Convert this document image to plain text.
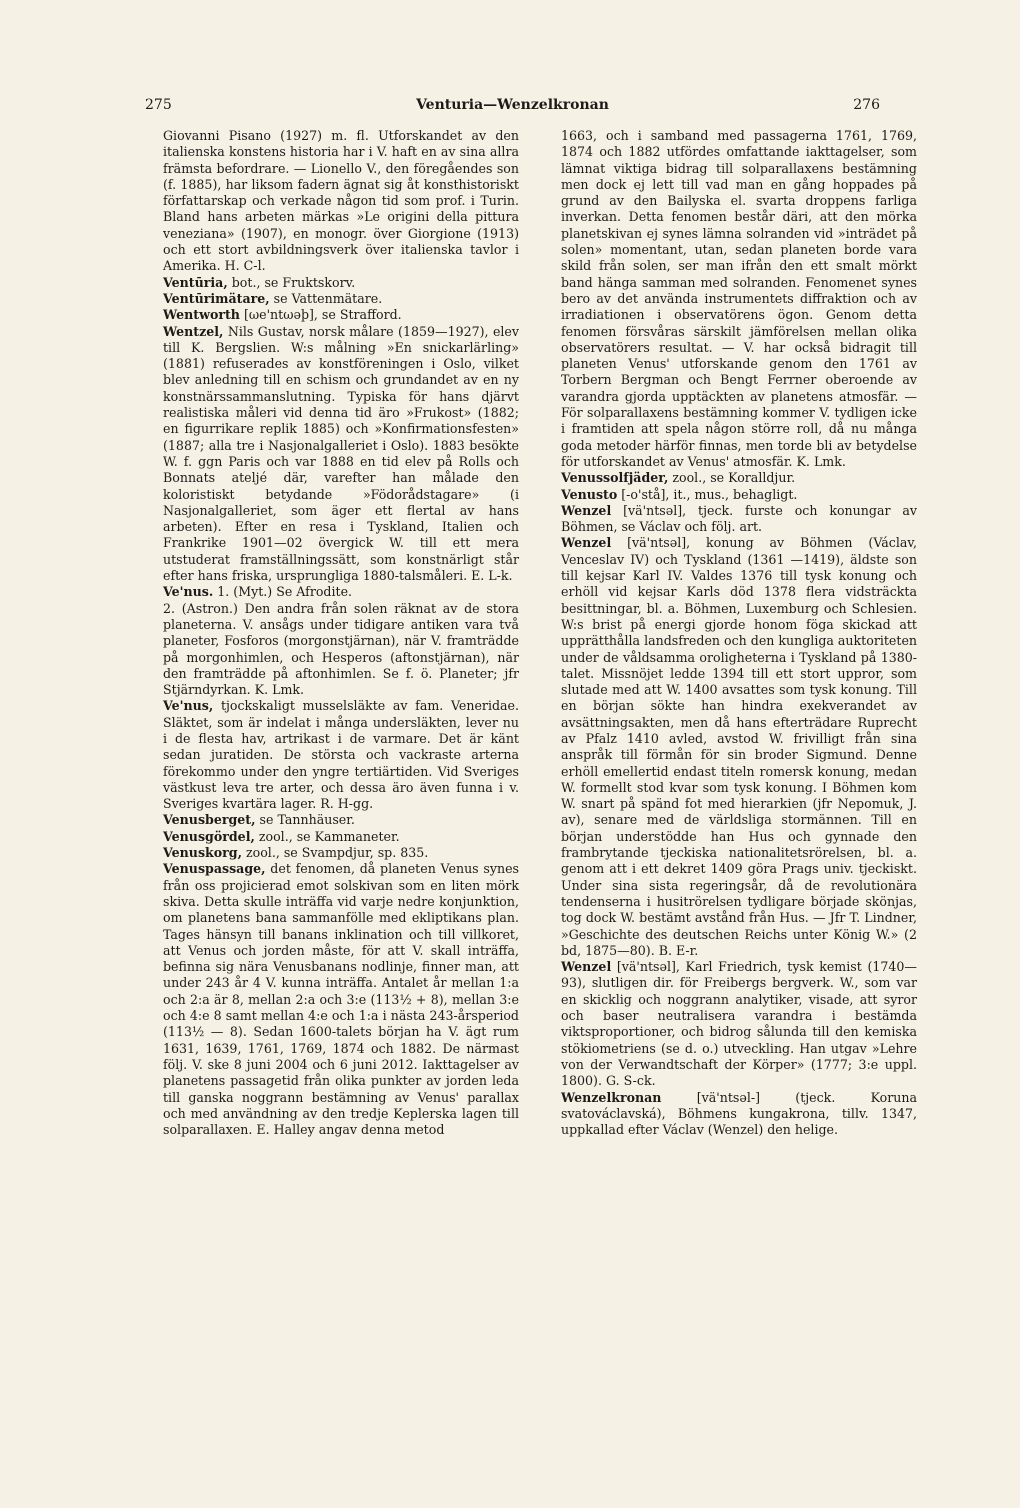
275	Venturia—Wenzelkronan	276

Giovanni Pisano (1927) m. fl. Utforskandet av den italienska konstens historia har i V. haft en av sina allra främsta befordrare. — Lionello V., den föregåendes son (f. 1885), har liksom fadern ägnat sig åt konsthistoriskt författarskap och verkade någon tid som prof. i Turin. Bland hans arbeten märkas »Le origini della pittura veneziana» (1907), en monogr. över Giorgione (1913) och ett stort avbildningsverk över italienska tavlor i Amerika. H. C-l.

Ventūria, bot., se Fruktskorv.

Ventūrimätare, se Vattenmätare.

Wentworth [ωe'ntωəþ], se Strafford.

Wentzel, Nils Gustav, norsk målare (1859—1927), elev till K. Bergslien. W:s målning »En snickarlärling» (1881) refuserades av konstföreningen i Oslo, vilket blev anledning till en schism och grundandet av en ny konstnärssammanslutning. Typiska för hans djärvt realistiska måleri vid denna tid äro »Frukost» (1882; en figurrikare replik 1885) och »Konfirmationsfesten» (1887; alla tre i Nasjonalgalleriet i Oslo). 1883 besökte W. f. ggn Paris och var 1888 en tid elev på Rolls och Bonnats ateljé där, varefter han målade den koloristiskt betydande »Födorådstagare» (i Nasjonalgalleriet, som äger ett flertal av hans arbeten). Efter en resa i Tyskland, Italien och Frankrike 1901—02 övergick W. till ett mera utstuderat framställningssätt, som konstnärligt står efter hans friska, ursprungliga 1880-talsmåleri. E. L-k.

Ve'nus. 1. (Myt.) Se Afrodite.

2. (Astron.) Den andra från solen räknat av de stora planeterna. V. ansågs under tidigare antiken vara två planeter, Fosforos (morgonstjärnan), när V. framträdde på morgonhimlen, och Hesperos (aftonstjärnan), när den framträdde på aftonhimlen. Se f. ö. Planeter; jfr Stjärndyrkan. K. Lmk.

Ve'nus, tjockskaligt musselsläkte av fam. Veneridae. Släktet, som är indelat i många undersläkten, lever nu i de flesta hav, artrikast i de varmare. Det är känt sedan juratiden. De största och vackraste arterna förekommo under den yngre tertiärtiden. Vid Sveriges västkust leva tre arter, och dessa äro även funna i v. Sveriges kvartära lager. R. H-gg.

Venusberget, se Tannhäuser.

Venusgördel, zool., se Kammaneter.

Venuskorg, zool., se Svampdjur, sp. 835.

Venuspassage, det fenomen, då planeten Venus synes från oss projicierad emot solskivan som en liten mörk skiva. Detta skulle inträffa vid varje nedre konjunktion, om planetens bana sammanfölle med ekliptikans plan. Tages hänsyn till banans inklination och till villkoret, att Venus och jorden måste, för att V. skall inträffa, befinna sig nära Venusbanans nodlinje, finner man, att under 243 år 4 V. kunna inträffa. Antalet år mellan 1:a och 2:a är 8, mellan 2:a och 3:e (113½ + 8), mellan 3:e och 4:e 8 samt mellan 4:e och 1:a i nästa 243-årsperiod (113½ — 8). Sedan 1600-talets början ha V. ägt rum 1631, 1639, 1761, 1769, 1874 och 1882. De närmast följ. V. ske 8 juni 2004 och 6 juni 2012. Iakttagelser av planetens passagetid från olika punkter av jorden leda till ganska noggrann bestämning av Venus' parallax och med användning av den tredje Keplerska lagen till solparallaxen. E. Halley angav denna metod

1663, och i samband med passagerna 1761, 1769, 1874 och 1882 utfördes omfattande iakttagelser, som lämnat viktiga bidrag till solparallaxens bestämning men dock ej lett till vad man en gång hoppades på grund av den Bailyska el. svarta droppens farliga inverkan. Detta fenomen består däri, att den mörka planetskivan ej synes lämna solranden vid »inträdet på solen» momentant, utan, sedan planeten borde vara skild från solen, ser man ifrån den ett smalt mörkt band hänga samman med solranden. Fenomenet synes bero av det använda instrumentets diffraktion och av irradiationen i observatörens ögon. Genom detta fenomen försvåras särskilt jämförelsen mellan olika observatörers resultat. — V. har också bidragit till planeten Venus' utforskande genom den 1761 av Torbern Bergman och Bengt Ferrner oberoende av varandra gjorda upptäckten av planetens atmosfär. — För solparallaxens bestämning kommer V. tydligen icke i framtiden att spela någon större roll, då nu många goda metoder härför finnas, men torde bli av betydelse för utforskandet av Venus' atmosfär. K. Lmk.

Venussolfjäder, zool., se Koralldjur.

Venusto [-o'stå], it., mus., behagligt.

Wenzel [vä'ntsəl], tjeck. furste och konungar av Böhmen, se Václav och följ. art.

Wenzel [vä'ntsəl], konung av Böhmen (Václav, Venceslav IV) och Tyskland (1361 —1419), äldste son till kejsar Karl IV. Valdes 1376 till tysk konung och erhöll vid kejsar Karls död 1378 flera vidsträckta besittningar, bl. a. Böhmen, Luxemburg och Schlesien. W:s brist på energi gjorde honom föga skickad att upprätthålla landsfreden och den kungliga auktoriteten under de våldsamma oroligheterna i Tyskland på 1380-talet. Missnöjet ledde 1394 till ett stort uppror, som slutade med att W. 1400 avsattes som tysk konung. Till en början sökte han hindra exekverandet av avsättningsakten, men då hans efterträdare Ruprecht av Pfalz 1410 avled, avstod W. frivilligt från sina anspråk till förmån för sin broder Sigmund. Denne erhöll emellertid endast titeln romersk konung, medan W. formellt stod kvar som tysk konung. I Böhmen kom W. snart på spänd fot med hierarkien (jfr Nepomuk, J. av), senare med de världsliga stormännen. Till en början understödde han Hus och gynnade den frambrytande tjeckiska nationalitetsrörelsen, bl. a. genom att i ett dekret 1409 göra Prags univ. tjeckiskt. Under sina sista regeringsår, då de revolutionära tendenserna i husitrörelsen tydligare började skönjas, tog dock W. bestämt avstånd från Hus. — Jfr T. Lindner, »Geschichte des deutschen Reichs unter König W.» (2 bd, 1875—80). B. E-r.

Wenzel [vä'ntsəl], Karl Friedrich, tysk kemist (1740—93), slutligen dir. för Freibergs bergverk. W., som var en skicklig och noggrann analytiker, visade, att syror och baser neutralisera varandra i bestämda viktsproportioner, och bidrog sålunda till den kemiska stökiometriens (se d. o.) utveckling. Han utgav »Lehre von der Verwandtschaft der Körper» (1777; 3:e uppl. 1800). G. S-ck.

Wenzelkronan [vä'ntsəl-] (tjeck. Koruna svatováclavská), Böhmens kungakrona, tillv. 1347, uppkallad efter Václav (Wenzel) den helige.
